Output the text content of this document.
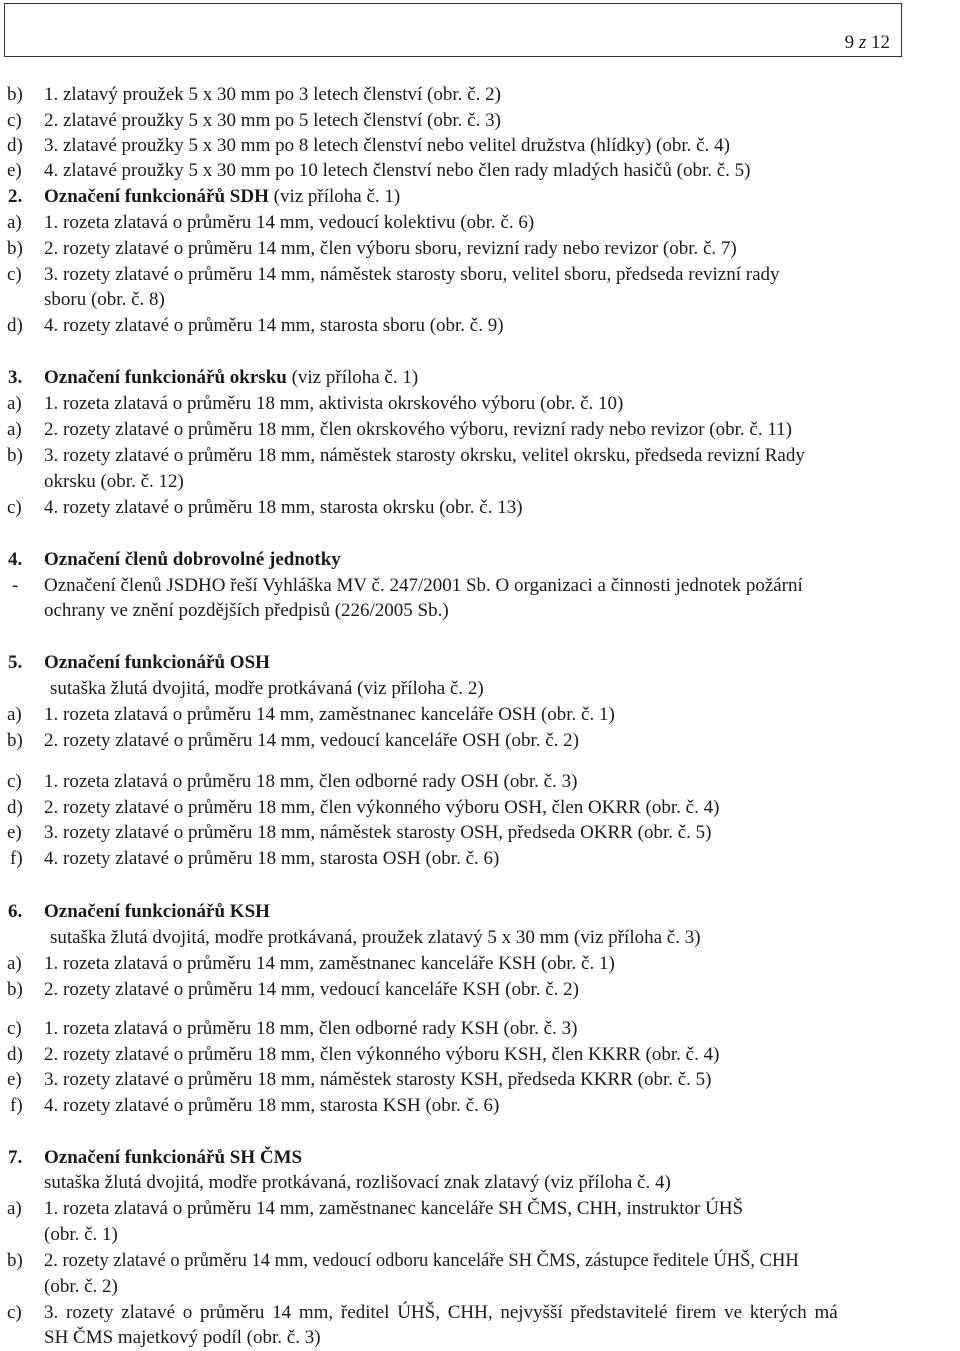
9 z 12
b) 1. zlatavý proužek 5 x 30 mm po 3 letech členství (obr. č. 2)
c) 2. zlatavé proužky 5 x 30 mm po 5 letech členství (obr. č. 3)
d) 3. zlatavé proužky 5 x 30 mm po 8 letech členství nebo velitel družstva (hlídky) (obr. č. 4)
e) 4. zlatavé proužky 5 x 30 mm po 10 letech členství nebo člen rady mladých hasičů (obr. č. 5)
2. Označení funkcionářů SDH (viz příloha č. 1)
a) 1. rozeta zlatavá o průměru 14 mm, vedoucí kolektivu (obr. č. 6)
b) 2. rozety zlatavé o průměru 14 mm, člen výboru sboru, revizní rady nebo revizor (obr. č. 7)
c) 3. rozety zlatavé o průměru 14 mm, náměstek starosty sboru, velitel sboru, předseda revizní rady
sboru (obr. č. 8)
d) 4. rozety zlatavé o průměru 14 mm, starosta sboru (obr. č. 9)
3. Označení funkcionářů okrsku (viz příloha č. 1)
a) 1. rozeta zlatavá o průměru 18 mm, aktivista okrskového výboru (obr. č. 10)
a) 2. rozety zlatavé o průměru 18 mm, člen okrskového výboru, revizní rady nebo revizor (obr. č. 11)
b) 3. rozety zlatavé o průměru 18 mm, náměstek starosty okrsku, velitel okrsku, předseda revizní Rady
okrsku (obr. č. 12)
c) 4. rozety zlatavé o průměru 18 mm, starosta okrsku (obr. č. 13)
4. Označení členů dobrovolné jednotky
- Označení členů JSDHO řeší Vyhláška MV č. 247/2001 Sb. O organizaci a činnosti jednotek požární
ochrany ve znění pozdějších předpisů (226/2005 Sb.)
5. Označení funkcionářů OSH
sutaška žlutá dvojitá, modře protkávaná (viz příloha č. 2)
a) 1. rozeta zlatavá o průměru 14 mm, zaměstnanec kanceláře OSH (obr. č. 1)
b) 2. rozety zlatavé o průměru 14 mm, vedoucí kanceláře OSH (obr. č. 2)
c) 1. rozeta zlatavá o průměru 18 mm, člen odborné rady OSH (obr. č. 3)
d) 2. rozety zlatavé o průměru 18 mm, člen výkonného výboru OSH, člen OKRR (obr. č. 4)
e) 3. rozety zlatavé o průměru 18 mm, náměstek starosty OSH, předseda OKRR (obr. č. 5)
f) 4. rozety zlatavé o průměru 18 mm, starosta OSH (obr. č. 6)
6. Označení funkcionářů KSH
sutaška žlutá dvojitá, modře protkávaná, proužek zlatavý 5 x 30 mm (viz příloha č. 3)
a) 1. rozeta zlatavá o průměru 14 mm, zaměstnanec kanceláře KSH (obr. č. 1)
b) 2. rozety zlatavé o průměru 14 mm, vedoucí kanceláře KSH (obr. č. 2)
c) 1. rozeta zlatavá o průměru 18 mm, člen odborné rady KSH (obr. č. 3)
d) 2. rozety zlatavé o průměru 18 mm, člen výkonného výboru KSH, člen KKRR (obr. č. 4)
e) 3. rozety zlatavé o průměru 18 mm, náměstek starosty KSH, předseda KKRR (obr. č. 5)
f) 4. rozety zlatavé o průměru 18 mm, starosta KSH (obr. č. 6)
7. Označení funkcionářů SH ČMS
sutaška žlutá dvojitá, modře protkávaná, rozlišovací znak zlatavý (viz příloha č. 4)
a) 1. rozeta zlatavá o průměru 14 mm, zaměstnanec kanceláře SH ČMS, CHH, instruktor ÚHŠ
(obr. č. 1)
b) 2. rozety zlatavé o průměru 14 mm, vedoucí odboru kanceláře SH ČMS, zástupce ředitele ÚHŠ, CHH
(obr. č. 2)
c) 3. rozety zlatavé o průměru 14 mm, ředitel ÚHŠ, CHH, nejvyšší představitelé firem ve kterých má
SH ČMS majetkový podíl (obr. č. 3)
